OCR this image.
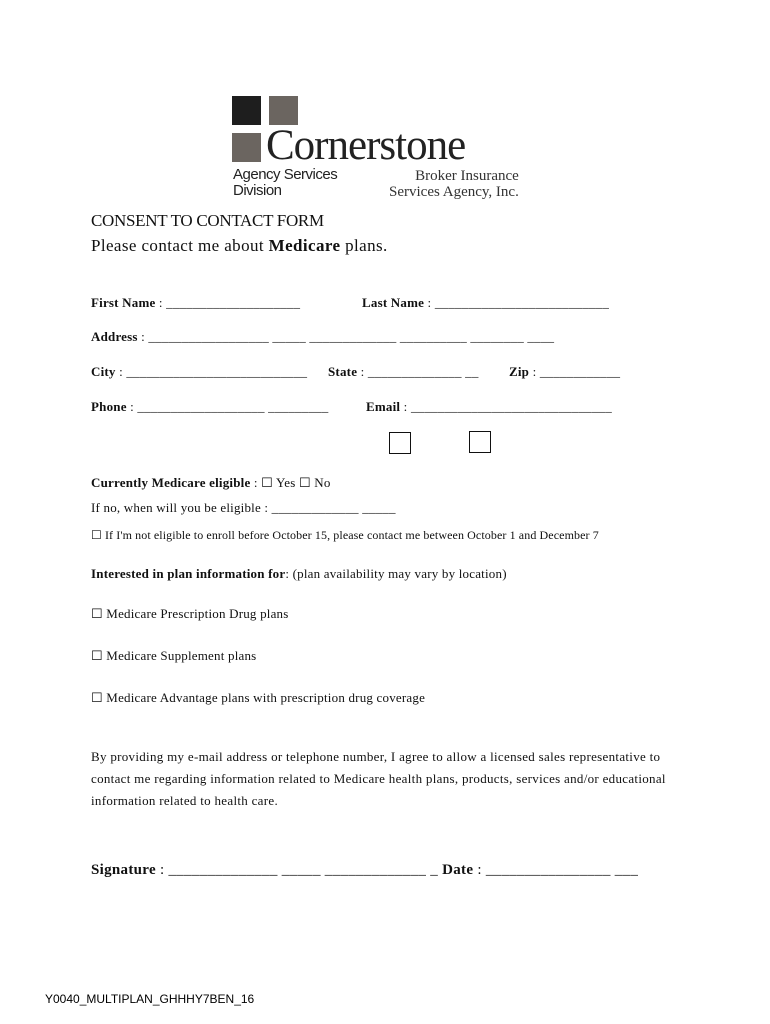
Cornerstone
Agency Services
Division
Broker Insurance
Services Agency, Inc.
CONSENT TO CONTACT FORM
Please contact me about Medicare plans.
First Name : ____________________	Last Name : __________________________
Address : __________________ _____ _____________ __________ ________ ____
City : ___________________________ State : ______________ __ Zip : ____________
Phone : ___________________ _________	Email : ______________________________
Currently Medicare eligible : ☐ Yes ☐ No
If no, when will you be eligible : _____________ _____
☐ If I'm not eligible to enroll before October 15, please contact me between October 1 and December 7
Interested in plan information for: (plan availability may vary by location)
☐ Medicare Prescription Drug plans
☐ Medicare Supplement plans
☐ Medicare Advantage plans with prescription drug coverage
By providing my e-mail address or telephone number, I agree to allow a licensed sales representative to contact me regarding information related to Medicare health plans, products, services and/or educational information related to health care.
Signature : ______________ _____ _____________ _ Date : ________________ ___
Y0040_MULTIPLAN_GHHHY7BEN_16
